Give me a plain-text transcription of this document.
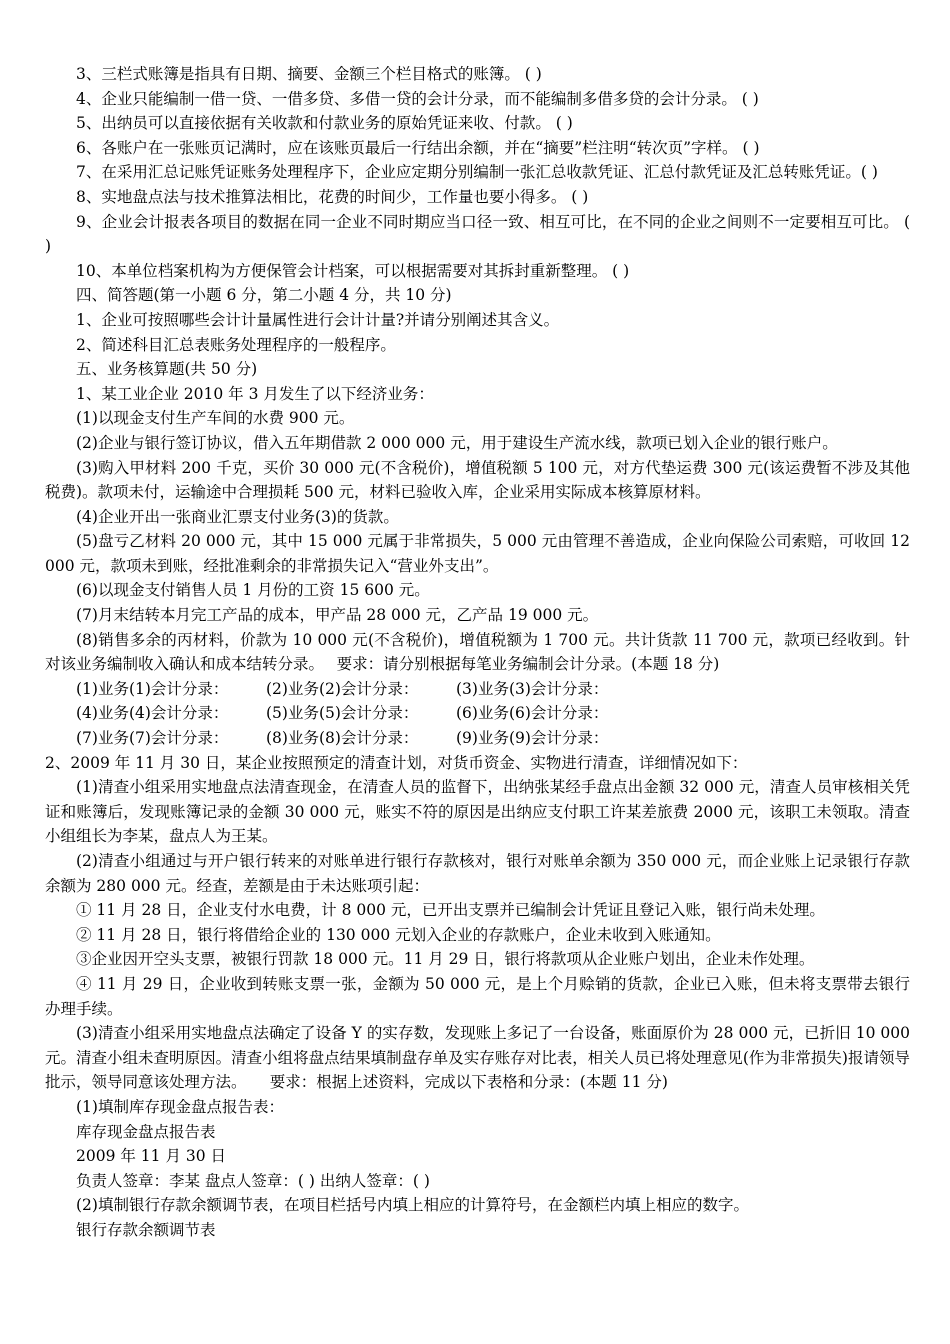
3、三栏式账簿是指具有日期、摘要、金额三个栏目格式的账簿。 ( )

4、企业只能编制一借一贷、一借多贷、多借一贷的会计分录，而不能编制多借多贷的会计分录。 ( )

5、出纳员可以直接依据有关收款和付款业务的原始凭证来收、付款。 ( )

6、各账户在一张账页记满时，应在该账页最后一行结出余额，并在“摘要”栏注明“转次页”字样。 ( )

7、在采用汇总记账凭证账务处理程序下，企业应定期分别编制一张汇总收款凭证、汇总付款凭证及汇总转账凭证。( )

8、实地盘点法与技术推算法相比，花费的时间少，工作量也要小得多。 ( )

9、企业会计报表各项目的数据在同一企业不同时期应当口径一致、相互可比，在不同的企业之间则不一定要相互可比。 ( )

10、本单位档案机构为方便保管会计档案，可以根据需要对其拆封重新整理。 ( )

四、简答题(第一小题 6 分，第二小题 4 分，共 10 分)

1、企业可按照哪些会计计量属性进行会计计量?并请分别阐述其含义。

2、简述科目汇总表账务处理程序的一般程序。

五、业务核算题(共 50 分)

1、某工业企业 2010 年 3 月发生了以下经济业务：

(1)以现金支付生产车间的水费 900 元。

(2)企业与银行签订协议，借入五年期借款 2 000 000 元，用于建设生产流水线，款项已划入企业的银行账户。

(3)购入甲材料 200 千克，买价 30 000 元(不含税价)，增值税额 5 100 元，对方代垫运费 300 元(该运费暂不涉及其他税费)。款项未付，运输途中合理损耗 500 元，材料已验收入库，企业采用实际成本核算原材料。

(4)企业开出一张商业汇票支付业务(3)的货款。

(5)盘亏乙材料 20 000 元，其中 15 000 元属于非常损失，5 000 元由管理不善造成，企业向保险公司索赔，可收回 12 000 元，款项未到账，经批准剩余的非常损失记入“营业外支出”。

(6)以现金支付销售人员 1 月份的工资 15 600 元。

(7)月末结转本月完工产品的成本，甲产品 28 000 元，乙产品 19 000 元。

(8)销售多余的丙材料，价款为 10 000 元(不含税价)，增值税额为 1 700 元。共计货款 11 700 元，款项已经收到。针对该业务编制收入确认和成本结转分录。　 要求：请分别根据每笔业务编制会计分录。(本题 18 分)

(1)业务(1)会计分录：	(2)业务(2)会计分录：	(3)业务(3)会计分录：
(4)业务(4)会计分录：	(5)业务(5)会计分录：	(6)业务(6)会计分录：
(7)业务(7)会计分录：	(8)业务(8)会计分录：	(9)业务(9)会计分录：

2、2009 年 11 月 30 日，某企业按照预定的清查计划，对货币资金、实物进行清查，详细情况如下：

(1)清查小组采用实地盘点法清查现金，在清查人员的监督下，出纳张某经手盘点出金额 32 000 元，清查人员审核相关凭证和账簿后，发现账簿记录的金额 30 000 元，账实不符的原因是出纳应支付职工许某差旅费 2000 元，该职工未领取。清查小组组长为李某，盘点人为王某。

(2)清查小组通过与开户银行转来的对账单进行银行存款核对，银行对账单余额为 350 000 元，而企业账上记录银行存款余额为 280 000 元。经查，差额是由于未达账项引起：

① 11 月 28 日，企业支付水电费，计 8 000 元，已开出支票并已编制会计凭证且登记入账，银行尚未处理。

② 11 月 28 日，银行将借给企业的 130 000 元划入企业的存款账户，企业未收到入账通知。

③企业因开空头支票，被银行罚款 18 000 元。11 月 29 日，银行将款项从企业账户划出，企业未作处理。

④ 11 月 29 日，企业收到转账支票一张，金额为 50 000 元，是上个月赊销的货款，企业已入账，但未将支票带去银行办理手续。

(3)清查小组采用实地盘点法确定了设备 Y 的实存数，发现账上多记了一台设备，账面原价为 28 000 元，已折旧 10 000 元。清查小组未查明原因。清查小组将盘点结果填制盘存单及实存账存对比表，相关人员已将处理意见(作为非常损失)报请领导批示，领导同意该处理方法。　　要求：根据上述资料，完成以下表格和分录：(本题 11 分)

(1)填制库存现金盘点报告表：

库存现金盘点报告表

2009 年 11 月 30 日

负责人签章：李某 盘点人签章：( ) 出纳人签章：( )

(2)填制银行存款余额调节表，在项目栏括号内填上相应的计算符号，在金额栏内填上相应的数字。

银行存款余额调节表
